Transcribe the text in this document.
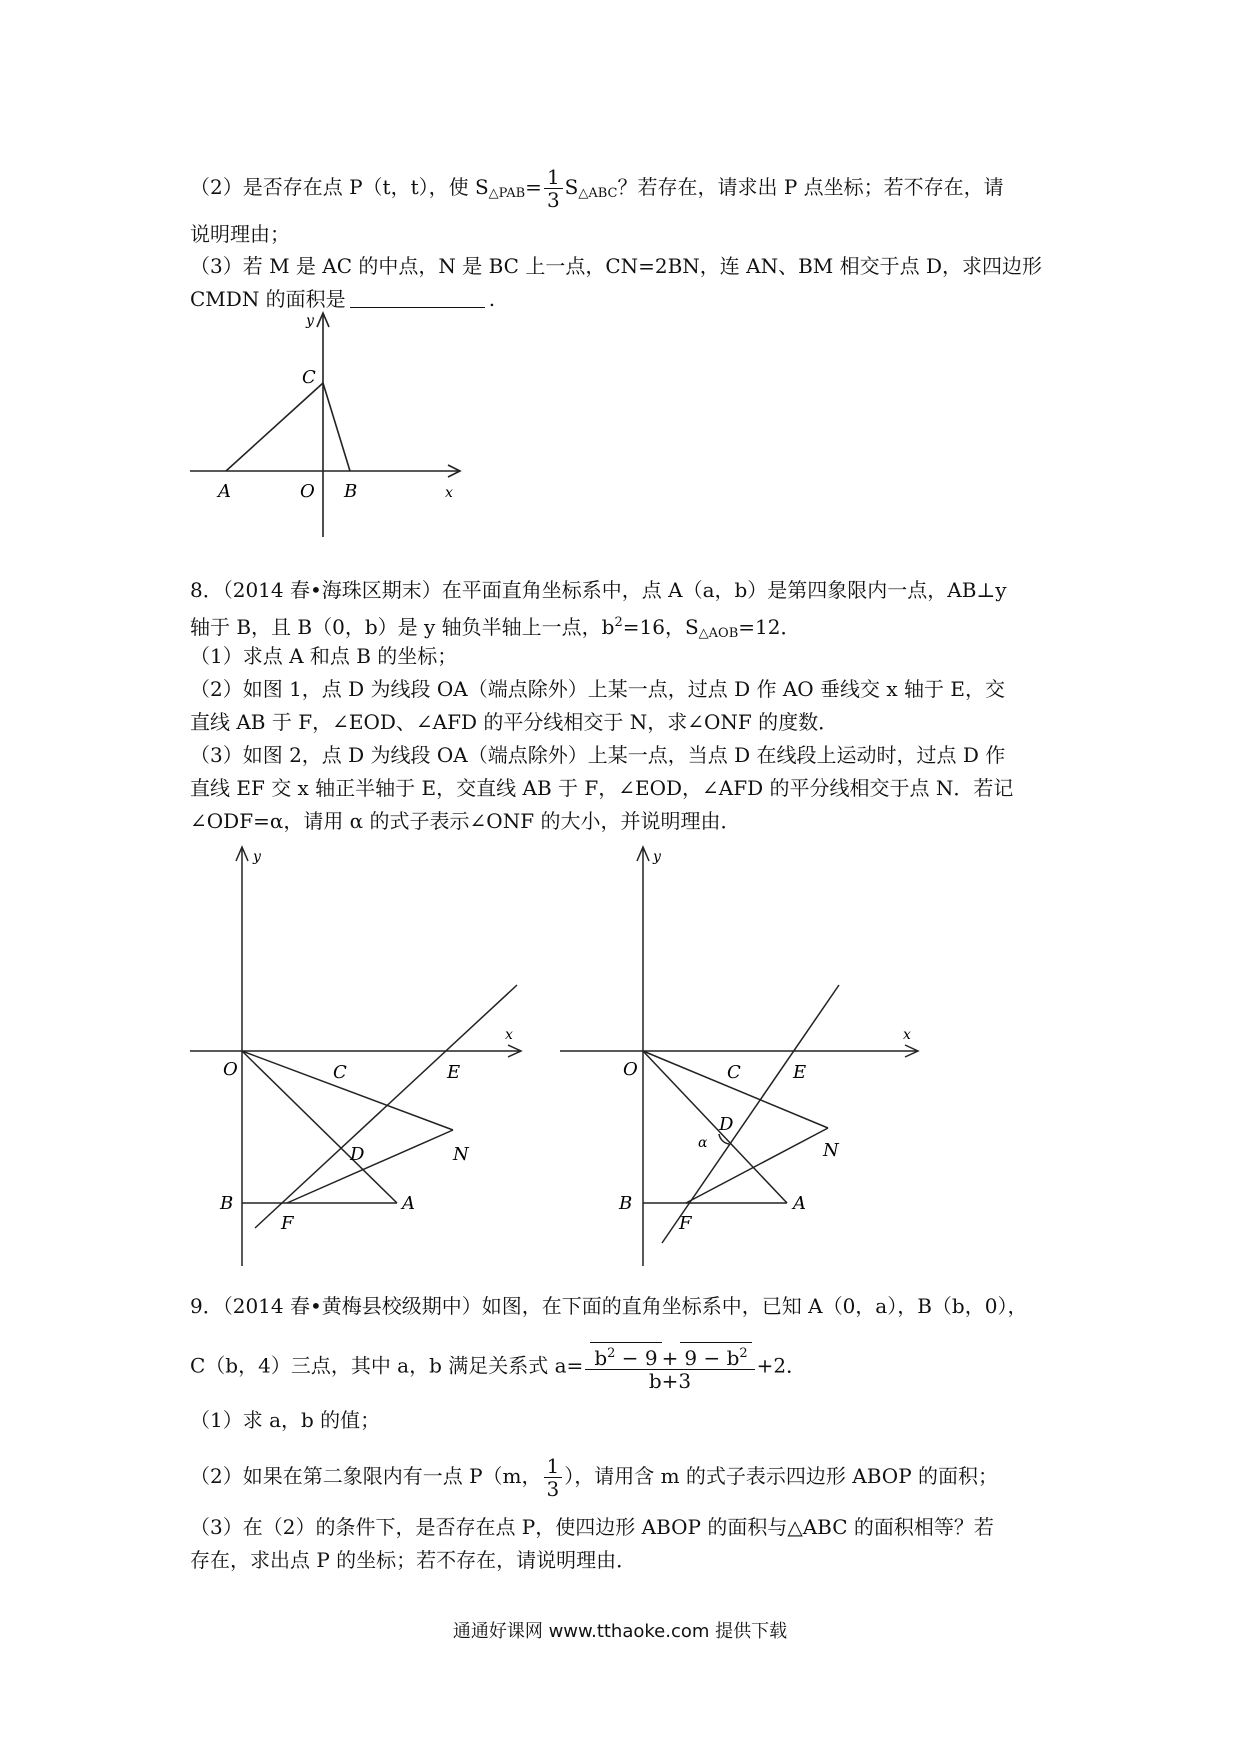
（2）是否存在点 P（t，t），使 $S_{\triangle PAB}= \frac{1}{3} S_{\triangle ABC}$？若存在，请求出 P 点坐标；若不存在，请
说明理由；
（3）若 M 是 AC 的中点，N 是 BC 上一点，CN=2BN，连 AN、BM 相交于点 D，求四边形
CMDN 的面积是	.
y
C
A	O B	x
8．（2014 春•海珠区期末）在平面直角坐标系中，点 A（a，b）是第四象限内一点，AB⊥y
轴于 B，且 B（0，b）是 y 轴负半轴上一点，$b^2=16$，$S_{\triangle AOB}=12$．
（1）求点 A 和点 B 的坐标；
（2）如图 1，点 D 为线段 OA（端点除外）上某一点，过点 D 作 AO 垂线交 x 轴于 E，交
直线 AB 于 F，∠EOD、∠AFD 的平分线相交于 N，求∠ONF 的度数．
（3）如图 2，点 D 为线段 OA（端点除外）上某一点，当点 D 在线段上运动时，过点 D 作
直线 EF 交 x 轴正半轴于 E，交直线 AB 于 F，∠EOD，∠AFD 的平分线相交于点 N．若记
∠ODF=α，请用 α 的式子表示∠ONF 的大小，并说明理由．
y
x
O	C	E
D	N
B
F
A
y
x
O	C	E
D
α	N
B
F
A
9．（2014 春•黄梅县校级期中）如图，在下面的直角坐标系中，已知 A（0，a），B（b，0），
C（b，4）三点，其中 a，b 满足关系式 $a= \frac{b^2 - 9 + 9 - b^2}{b+3} +2$．
（1）求 a，b 的值；
（2）如果在第二象限内有一点 P（m， $\frac{1}{3}$ ），请用含 m 的式子表示四边形 ABOP 的面积；
（3）在（2）的条件下，是否存在点 P，使四边形 ABOP 的面积与△ABC 的面积相等？若
存在，求出点 P 的坐标；若不存在，请说明理由．
通通好课网 www.tthaoke.com 提供下载
